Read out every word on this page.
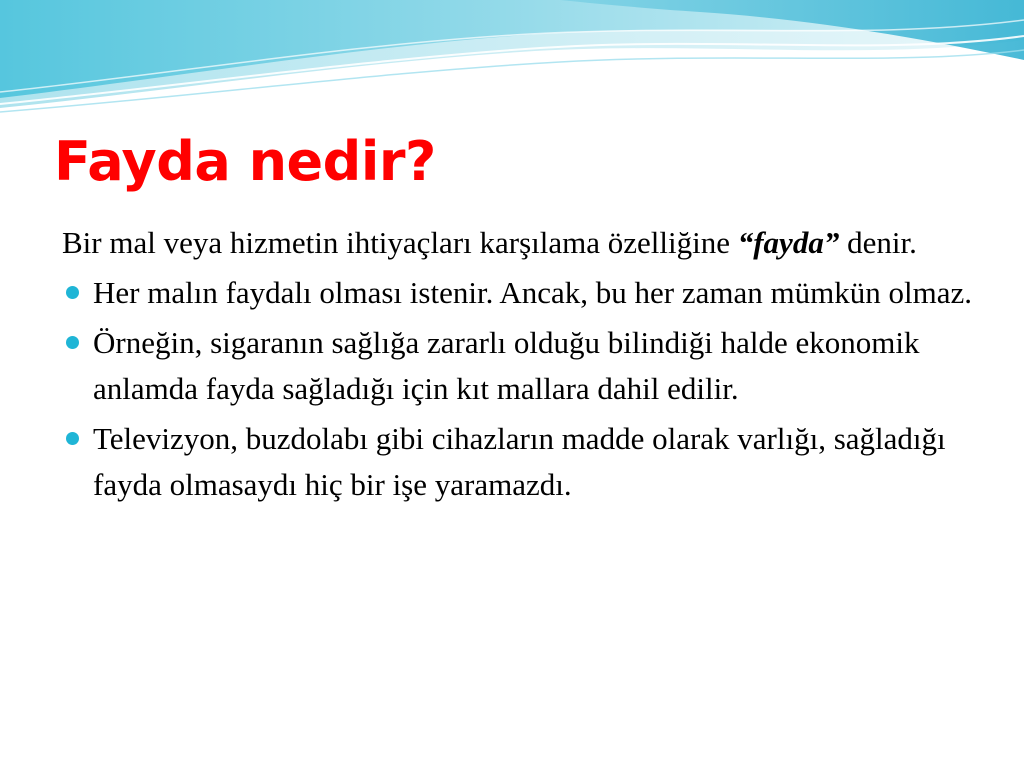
Fayda nedir?

Bir mal veya hizmetin ihtiyaçları karşılama özelliğine “fayda” denir.

Her malın faydalı olması istenir. Ancak, bu her zaman mümkün olmaz.
Örneğin, sigaranın sağlığa zararlı olduğu bilindiği halde ekonomik anlamda fayda sağladığı için kıt mallara dahil edilir.
Televizyon, buzdolabı gibi cihazların madde olarak varlığı, sağladığı fayda olmasaydı hiç bir işe yaramazdı.
